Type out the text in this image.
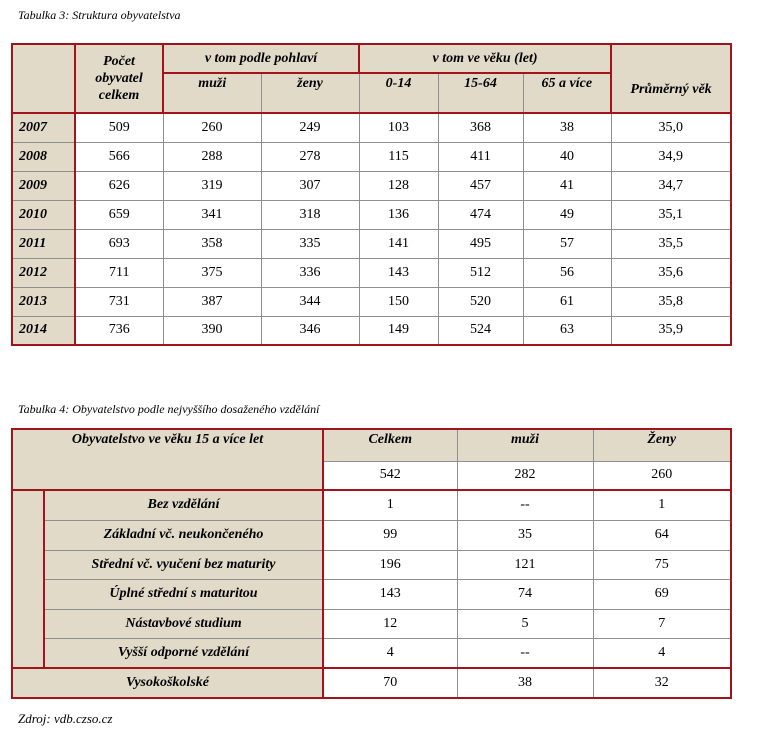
Tabulka 3: Struktura obyvatelstva
	Počet
obyvatel
celkem	v tom podle pohlaví		v tom ve věku (let)			Průměrný věk
		muži	ženy	0-14	15-64	65 a více	
2007	509	260	249	103	368	38	35,0
2008	566	288	278	115	411	40	34,9
2009	626	319	307	128	457	41	34,7
2010	659	341	318	136	474	49	35,1
2011	693	358	335	141	495	57	35,5
2012	711	375	336	143	512	56	35,6
2013	731	387	344	150	520	61	35,8
2014	736	390	346	149	524	63	35,9
Tabulka 4: Obyvatelstvo podle nejvyššího dosaženého vzdělání
Obyvatelstvo ve věku 15 a více let		Celkem	muži	Ženy
		542	282	260
	Bez vzdělání	1	--	1
	Základní vč. neukončeného	99	35	64
	Střední vč. vyučení bez maturity	196	121	75
	Úplné střední s maturitou	143	74	69
	Nástavbové studium	12	5	7
	Vyšší odporné vzdělání	4	--	4
Vysokoškolské		70	38	32
Zdroj: vdb.czso.cz
